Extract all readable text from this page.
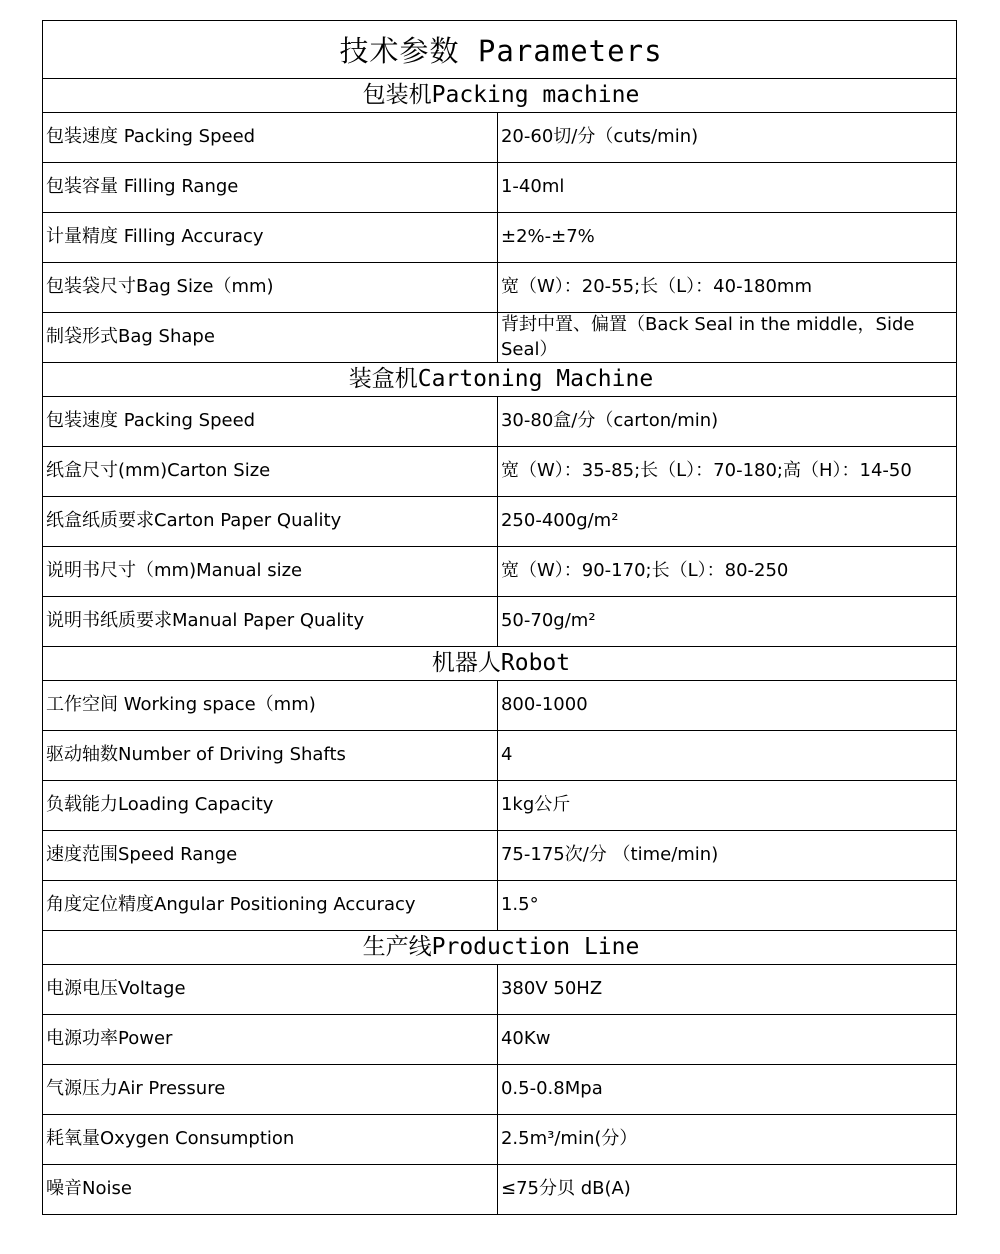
技术参数 Parameters	
包装机Packing machine	
包装速度 Packing Speed	20-60切/分（cuts/min)
包装容量 Filling Range	1-40ml
计量精度 Filling Accuracy	±2%-±7%
包装袋尺寸Bag Size（mm)	宽（W）：20-55;长（L）：40-180mm
制袋形式Bag Shape	背封中置、偏置（Back Seal in the middle，Side Seal）
装盒机Cartoning Machine	
包装速度 Packing Speed	30-80盒/分（carton/min)
纸盒尺寸(mm)Carton Size	宽（W）：35-85;长（L）：70-180;高（H）：14-50
纸盒纸质要求Carton Paper Quality	250-400g/m²
说明书尺寸（mm)Manual size	宽（W）：90-170;长（L）：80-250
说明书纸质要求Manual Paper Quality	50-70g/m²
机器人Robot	
工作空间 Working space（mm)	800-1000
驱动轴数Number of Driving Shafts	4
负载能力Loading Capacity	1kg公斤
速度范围Speed Range	75-175次/分 （time/min)
角度定位精度Angular Positioning Accuracy	1.5°
生产线Production Line	
电源电压Voltage	380V 50HZ
电源功率Power	40Kw
气源压力Air Pressure	0.5-0.8Mpa
耗氧量Oxygen Consumption	2.5m³/min(分）
噪音Noise	≤75分贝 dB(A)
